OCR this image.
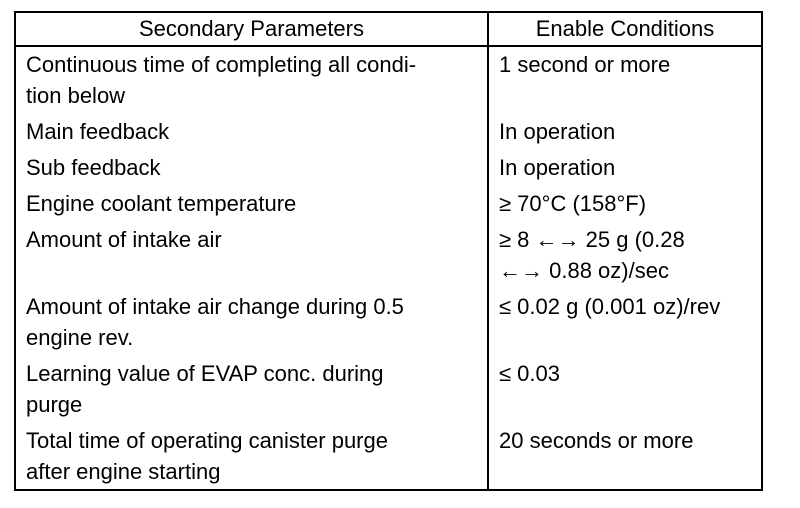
Secondary Parameters	Enable Conditions
Continuous time of completing all condi-
tion below	1 second or more
Main feedback	In operation
Sub feedback	In operation
Engine coolant temperature	≥ 70°C (158°F)
Amount of intake air	≥ 8 ←→ 25 g (0.28
←→ 0.88 oz)/sec
Amount of intake air change during 0.5
engine rev.	≤ 0.02 g (0.001 oz)/rev
Learning value of EVAP conc. during
purge	≤ 0.03
Total time of operating canister purge
after engine starting	20 seconds or more
